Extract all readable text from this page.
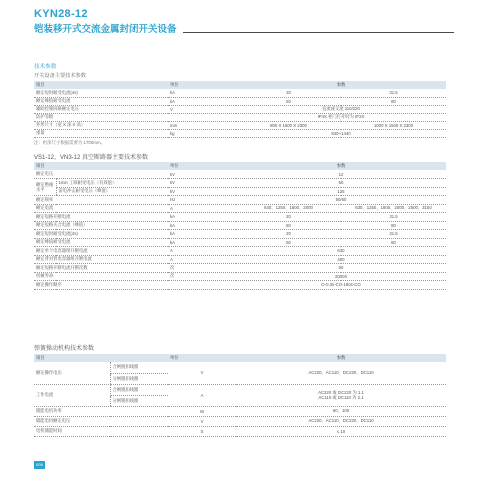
KYN28-12
铠装移开式交流金属封闭开关设备
技术参数
开关设备主要技术参数
项目	单位	参数	
额定短时耐受电流(4s)	kA	20	31.5
额定峰值耐受电流	kA	50	80
辅助控制回路额定电压	V	直流或交流 110/220	
防护等级		IP4X 柜门打开时为 IP2X	
外形尺寸（宽 X 深 X 高）	mm	800 X 1500 X 2300	1000 X 1500 X 2300
重量	kg	840~1440	
注：柜深尺寸根据需要为 1700mm。
VS1-12、VN3-12 真空断路器主要技术参数
项目		单位	参数	
额定电压		kV	12	
额定绝缘水平	1min 工频耐受电压（有效值）	kV	50	
	雷电冲击耐受电压（峰值）	kV	125	
额定频率		Hz	50/60	
额定电流		A	630、1250、1600、2000	630、1250、1600、2000、2500、3150
额定短路开断电流		kA	20	31.5
额定短路关合电流（峰值）		kA	50	80
额定短时耐受电流(4s)		kA	20	31.5
额定峰值耐受电流		kA	50	80
额定单个电容器组开断电流		A	630	
额定背对背电容器组开断电流		A	400	
额定短路开断电流开断次数		次	50	
机械寿命		次	20000	
额定操作顺序			O-0.3s-CO-180s-CO	
弹簧操动机构技术参数
项目		单位	参数
额定操作电压	合闸脱扣线圈	V	AC220、AC110、DC220、DC110
	分闸脱扣线圈		
工作电流	合闸脱扣线圈	A	AC220 或 DC220 为 1.1
AC110 或 DC110 为 2.1

	分闸脱扣线圈		
储能电机功率		W	60、100
储能电机额定电压		V	AC220、AC110、DC220、DC110
电机储能时间		S	≤ 10
005
